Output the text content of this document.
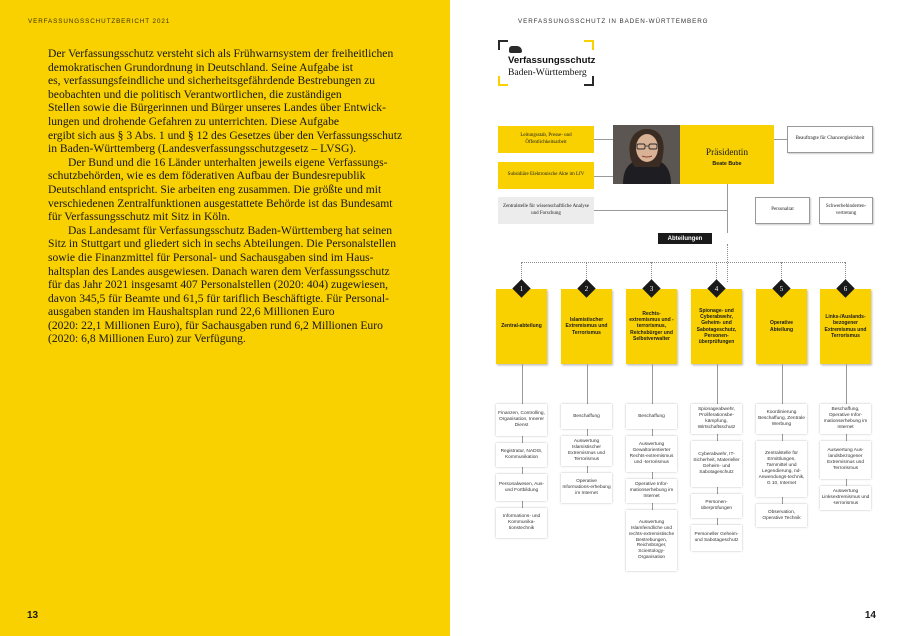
VERFASSUNGSSCHUTZBERICHT 2021
Der Verfassungsschutz versteht sich als Frühwarnsystem der freiheitlichen
demokratischen Grundordnung in Deutschland. Seine Aufgabe ist
es, verfassungsfeindliche und sicherheitsgefährdende Bestrebungen zu
beobachten und die politisch Verantwortlichen, die zuständigen
Stellen sowie die Bürgerinnen und Bürger unseres Landes über Entwick-
lungen und drohende Gefahren zu unterrichten. Diese Aufgabe
ergibt sich aus § 3 Abs. 1 und § 12 des Gesetzes über den Verfassungsschutz
in Baden-Württemberg (Landesverfassungsschutzgesetz – LVSG).
Der Bund und die 16 Länder unterhalten jeweils eigene Verfassungs-
schutzbehörden, wie es dem föderativen Aufbau der Bundesrepublik
Deutschland entspricht. Sie arbeiten eng zusammen. Die größte und mit
verschiedenen Zentralfunktionen ausgestattete Behörde ist das Bundesamt
für Verfassungsschutz mit Sitz in Köln.
Das Landesamt für Verfassungsschutz Baden-Württemberg hat seinen
Sitz in Stuttgart und gliedert sich in sechs Abteilungen. Die Personalstellen
sowie die Finanzmittel für Personal- und Sachausgaben sind im Haus-
haltsplan des Landes ausgewiesen. Danach waren dem Verfassungsschutz
für das Jahr 2021 insgesamt 407 Personalstellen (2020: 404) zugewiesen,
davon 345,5 für Beamte und 61,5 für tariflich Beschäftigte. Für Personal-
ausgaben standen im Haushaltsplan rund 22,6 Millionen Euro
(2020: 22,1 Millionen Euro), für Sachausgaben rund 6,2 Millionen Euro
(2020: 6,8 Millionen Euro) zur Verfügung.
13
VERFASSUNGSSCHUTZ IN BADEN-WÜRTTEMBERG
Verfassungsschutz
Baden-Württemberg
Leitungsstab, Presse- und Öffentlichkeitsarbeit
Subsidiäre Elektronische Akte im LfV
Zentralstelle für wissenschaftliche Analyse und Forschung
Präsidentin
Beate Bube
Beauftragte für Chancengleichheit
Personalrat
Schwerbehinderten-vertretung
Abteilungen
Zentral-abteilung
1
Finanzen, Controlling, Organisation, Innerer Dienst
Registratur, NADIS, Kommunikation
Personalwesen, Aus- und Fortbildung
Informations- und Kommunika-tionstechnik
Islamistischer Extremismus und Terrorismus
2
Beschaffung
Auswertung Islamistischer Extremismus und Terrorismus
Operative Informations-erhebung im Internet
Rechts-extremismus und -terrorismus, Reichsbürger und Selbstverwalter
3
Beschaffung
Auswertung Gewaltorientierter Rechts-extremismus und -terrorismus
Operative Infor-mationserhebung im Internet
Auswertung Islamfeindliche und rechts-extremistische Bestrebungen, Reichsbürger, Scientology-Organisation
Spionage- und Cyberabwehr, Geheim- und Sabotageschutz, Personen-überprüfungen
4
Spionageabwehr, Proliferationsbe-kämpfung, Wirtschaftsschutz
Cyberabwehr, IT-Sicherheit, Materieller Geheim- und Sabotageschutz
Personen-überprüfungen
Personeller Geheim- und Sabotageschutz
Operative Abteilung
5
Koordinierung Beschaffung, Zentrale Werbung
Zentralstelle für Ermittlungen, Tarnmittel und Legendierung, nd-Anwendungs-technik, G 10, Internet
Observation, Operative Technik
Links-/Auslands-bezogener Extremismus und Terrorismus
6
Beschaffung, Operative Infor-mationserhebung im Internet
Auswertung Aus-landsbezogener Extremismus und Terrorismus
Auswertung Linksextremismus und -terrorismus
14
